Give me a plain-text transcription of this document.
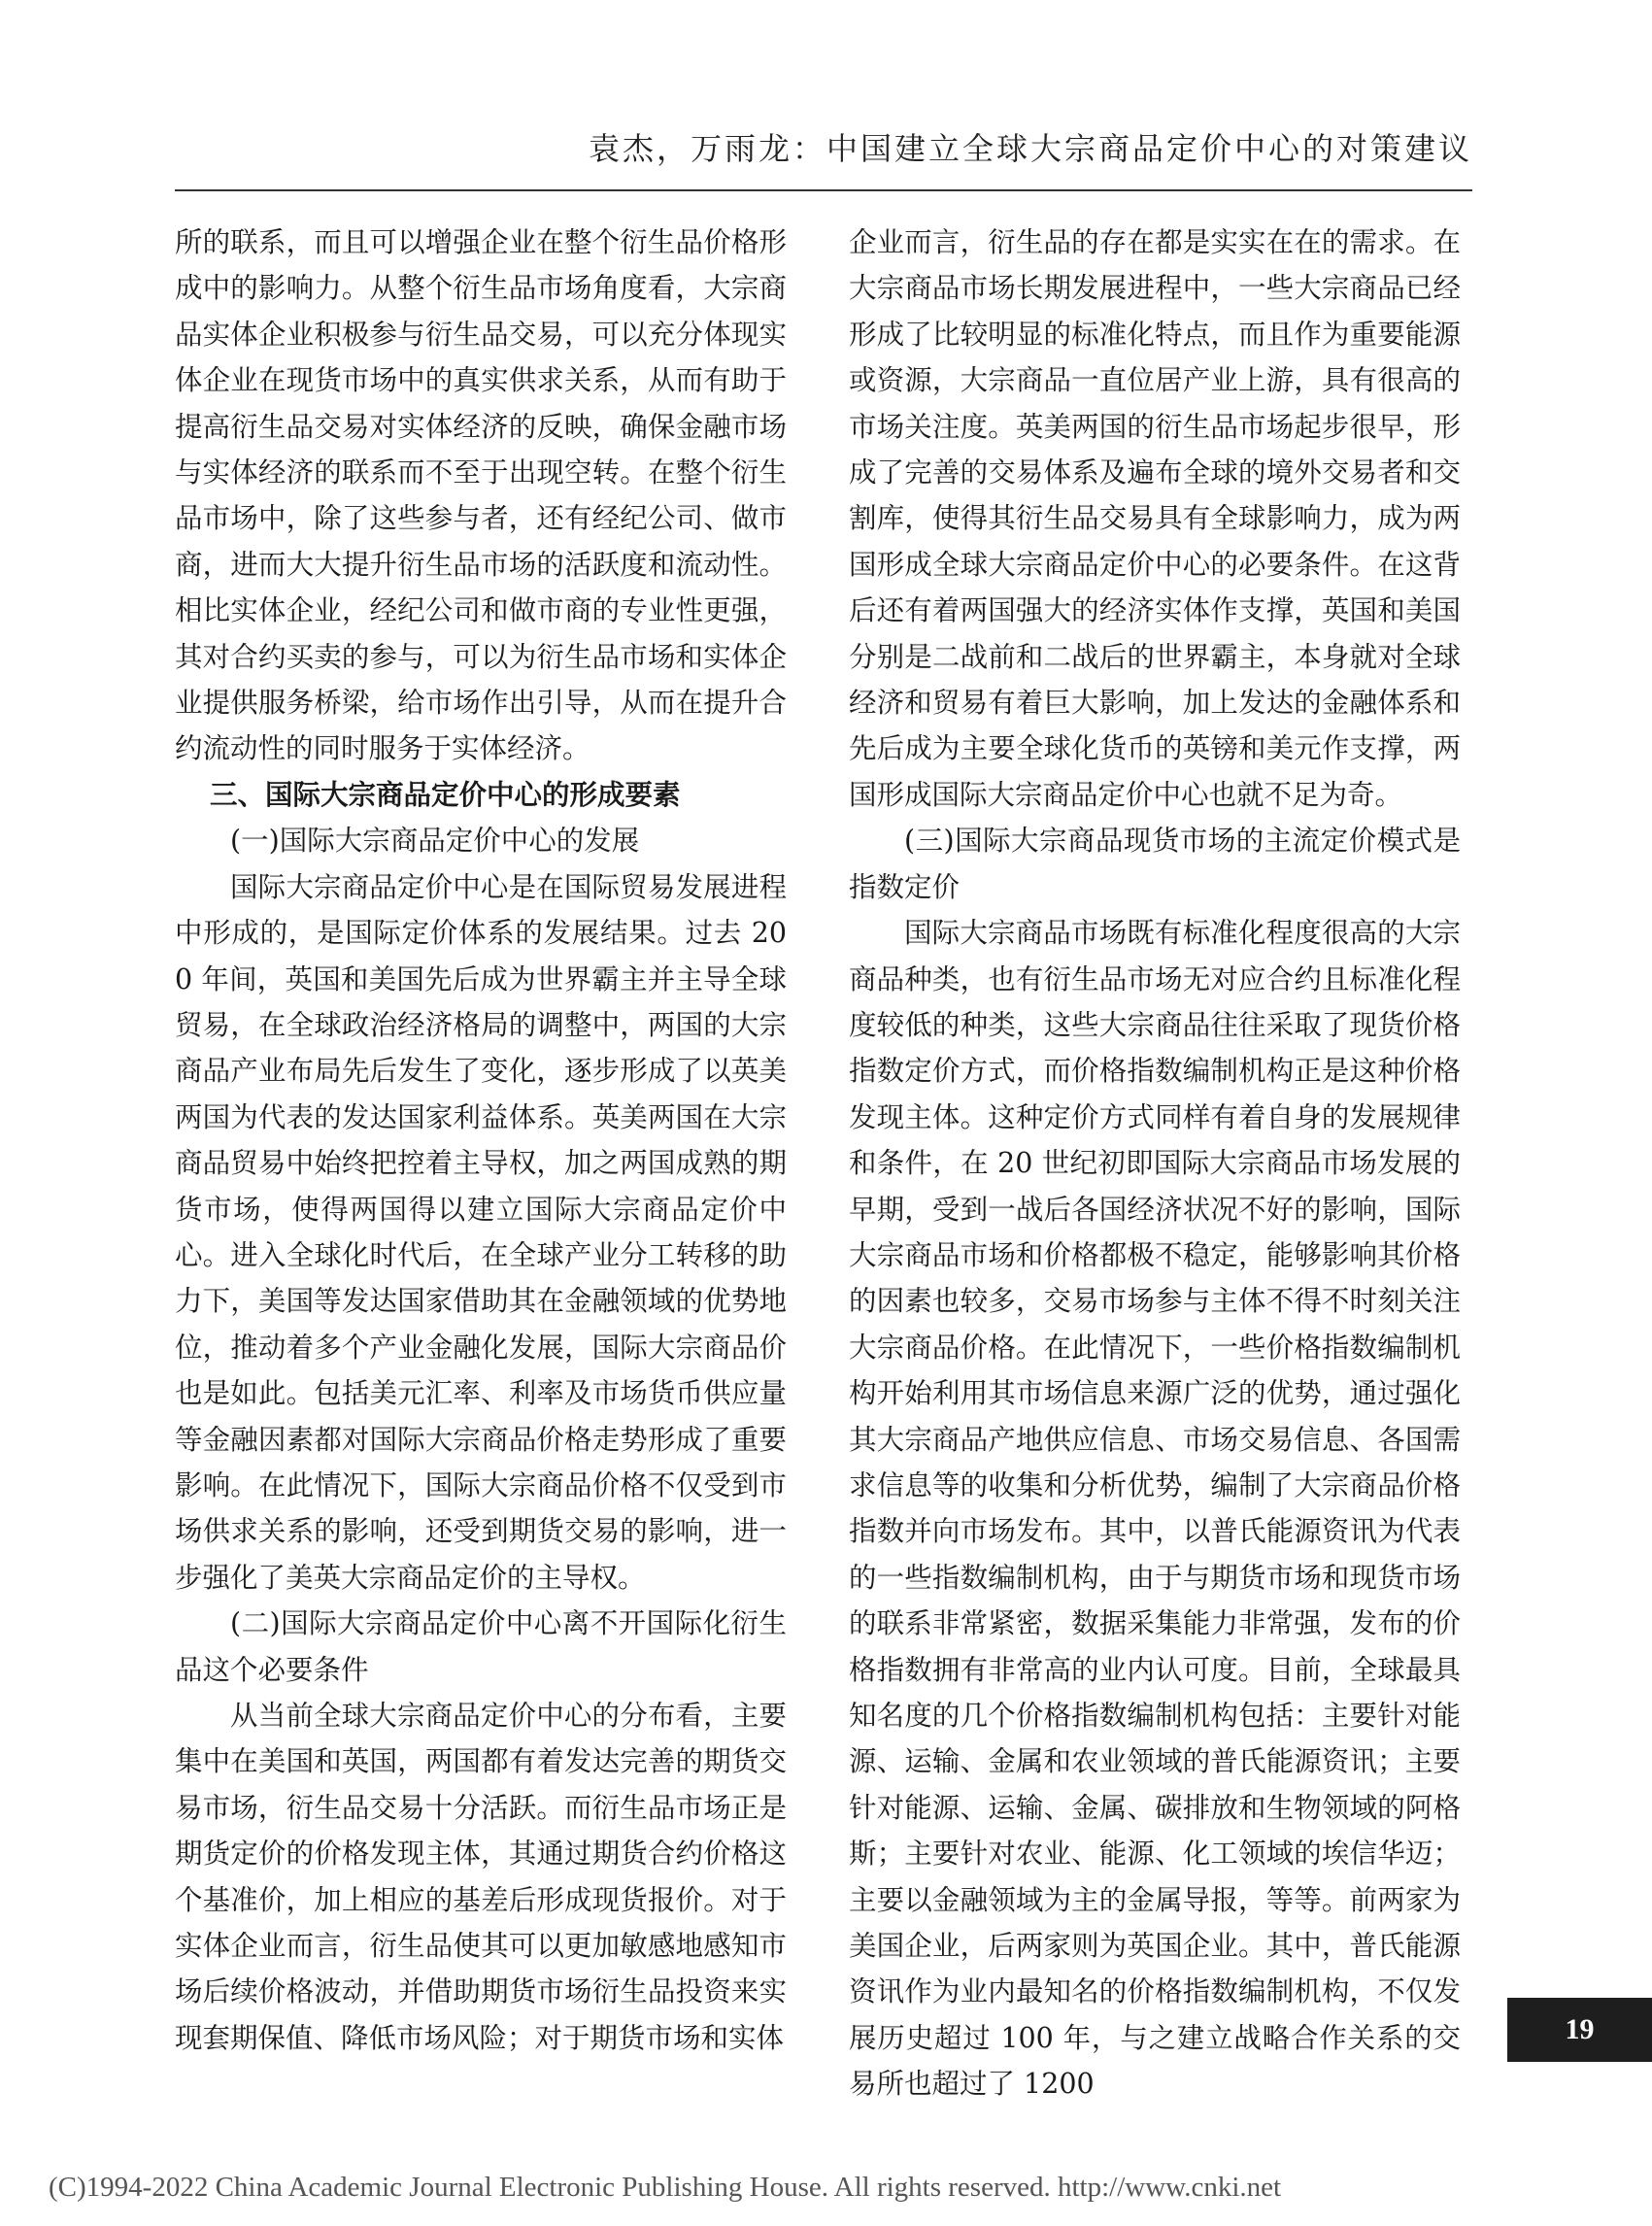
袁杰，万雨龙：中国建立全球大宗商品定价中心的对策建议

所的联系，而且可以增强企业在整个衍生品价格形成中的影响力。从整个衍生品市场角度看，大宗商品实体企业积极参与衍生品交易，可以充分体现实体企业在现货市场中的真实供求关系，从而有助于提高衍生品交易对实体经济的反映，确保金融市场与实体经济的联系而不至于出现空转。在整个衍生品市场中，除了这些参与者，还有经纪公司、做市商，进而大大提升衍生品市场的活跃度和流动性。相比实体企业，经纪公司和做市商的专业性更强，其对合约买卖的参与，可以为衍生品市场和实体企业提供服务桥梁，给市场作出引导，从而在提升合约流动性的同时服务于实体经济。

三、国际大宗商品定价中心的形成要素

(一)国际大宗商品定价中心的发展

国际大宗商品定价中心是在国际贸易发展进程中形成的，是国际定价体系的发展结果。过去 200 年间，英国和美国先后成为世界霸主并主导全球贸易，在全球政治经济格局的调整中，两国的大宗商品产业布局先后发生了变化，逐步形成了以英美两国为代表的发达国家利益体系。英美两国在大宗商品贸易中始终把控着主导权，加之两国成熟的期货市场，使得两国得以建立国际大宗商品定价中心。进入全球化时代后，在全球产业分工转移的助力下，美国等发达国家借助其在金融领域的优势地位，推动着多个产业金融化发展，国际大宗商品价也是如此。包括美元汇率、利率及市场货币供应量等金融因素都对国际大宗商品价格走势形成了重要影响。在此情况下，国际大宗商品价格不仅受到市场供求关系的影响，还受到期货交易的影响，进一步强化了美英大宗商品定价的主导权。

(二)国际大宗商品定价中心离不开国际化衍生品这个必要条件

从当前全球大宗商品定价中心的分布看，主要集中在美国和英国，两国都有着发达完善的期货交易市场，衍生品交易十分活跃。而衍生品市场正是期货定价的价格发现主体，其通过期货合约价格这个基准价，加上相应的基差后形成现货报价。对于实体企业而言，衍生品使其可以更加敏感地感知市场后续价格波动，并借助期货市场衍生品投资来实现套期保值、降低市场风险；对于期货市场和实体

企业而言，衍生品的存在都是实实在在的需求。在大宗商品市场长期发展进程中，一些大宗商品已经形成了比较明显的标准化特点，而且作为重要能源或资源，大宗商品一直位居产业上游，具有很高的市场关注度。英美两国的衍生品市场起步很早，形成了完善的交易体系及遍布全球的境外交易者和交割库，使得其衍生品交易具有全球影响力，成为两国形成全球大宗商品定价中心的必要条件。在这背后还有着两国强大的经济实体作支撑，英国和美国分别是二战前和二战后的世界霸主，本身就对全球经济和贸易有着巨大影响，加上发达的金融体系和先后成为主要全球化货币的英镑和美元作支撑，两国形成国际大宗商品定价中心也就不足为奇。

(三)国际大宗商品现货市场的主流定价模式是指数定价

国际大宗商品市场既有标准化程度很高的大宗商品种类，也有衍生品市场无对应合约且标准化程度较低的种类，这些大宗商品往往采取了现货价格指数定价方式，而价格指数编制机构正是这种价格发现主体。这种定价方式同样有着自身的发展规律和条件，在 20 世纪初即国际大宗商品市场发展的早期，受到一战后各国经济状况不好的影响，国际大宗商品市场和价格都极不稳定，能够影响其价格的因素也较多，交易市场参与主体不得不时刻关注大宗商品价格。在此情况下，一些价格指数编制机构开始利用其市场信息来源广泛的优势，通过强化其大宗商品产地供应信息、市场交易信息、各国需求信息等的收集和分析优势，编制了大宗商品价格指数并向市场发布。其中，以普氏能源资讯为代表的一些指数编制机构，由于与期货市场和现货市场的联系非常紧密，数据采集能力非常强，发布的价格指数拥有非常高的业内认可度。目前，全球最具知名度的几个价格指数编制机构包括：主要针对能源、运输、金属和农业领域的普氏能源资讯；主要针对能源、运输、金属、碳排放和生物领域的阿格斯；主要针对农业、能源、化工领域的埃信华迈；主要以金融领域为主的金属导报，等等。前两家为美国企业，后两家则为英国企业。其中，普氏能源资讯作为业内最知名的价格指数编制机构，不仅发展历史超过 100 年，与之建立战略合作关系的交易所也超过了 1200

19
(C)1994-2022 China Academic Journal Electronic Publishing House. All rights reserved. http://www.cnki.net
